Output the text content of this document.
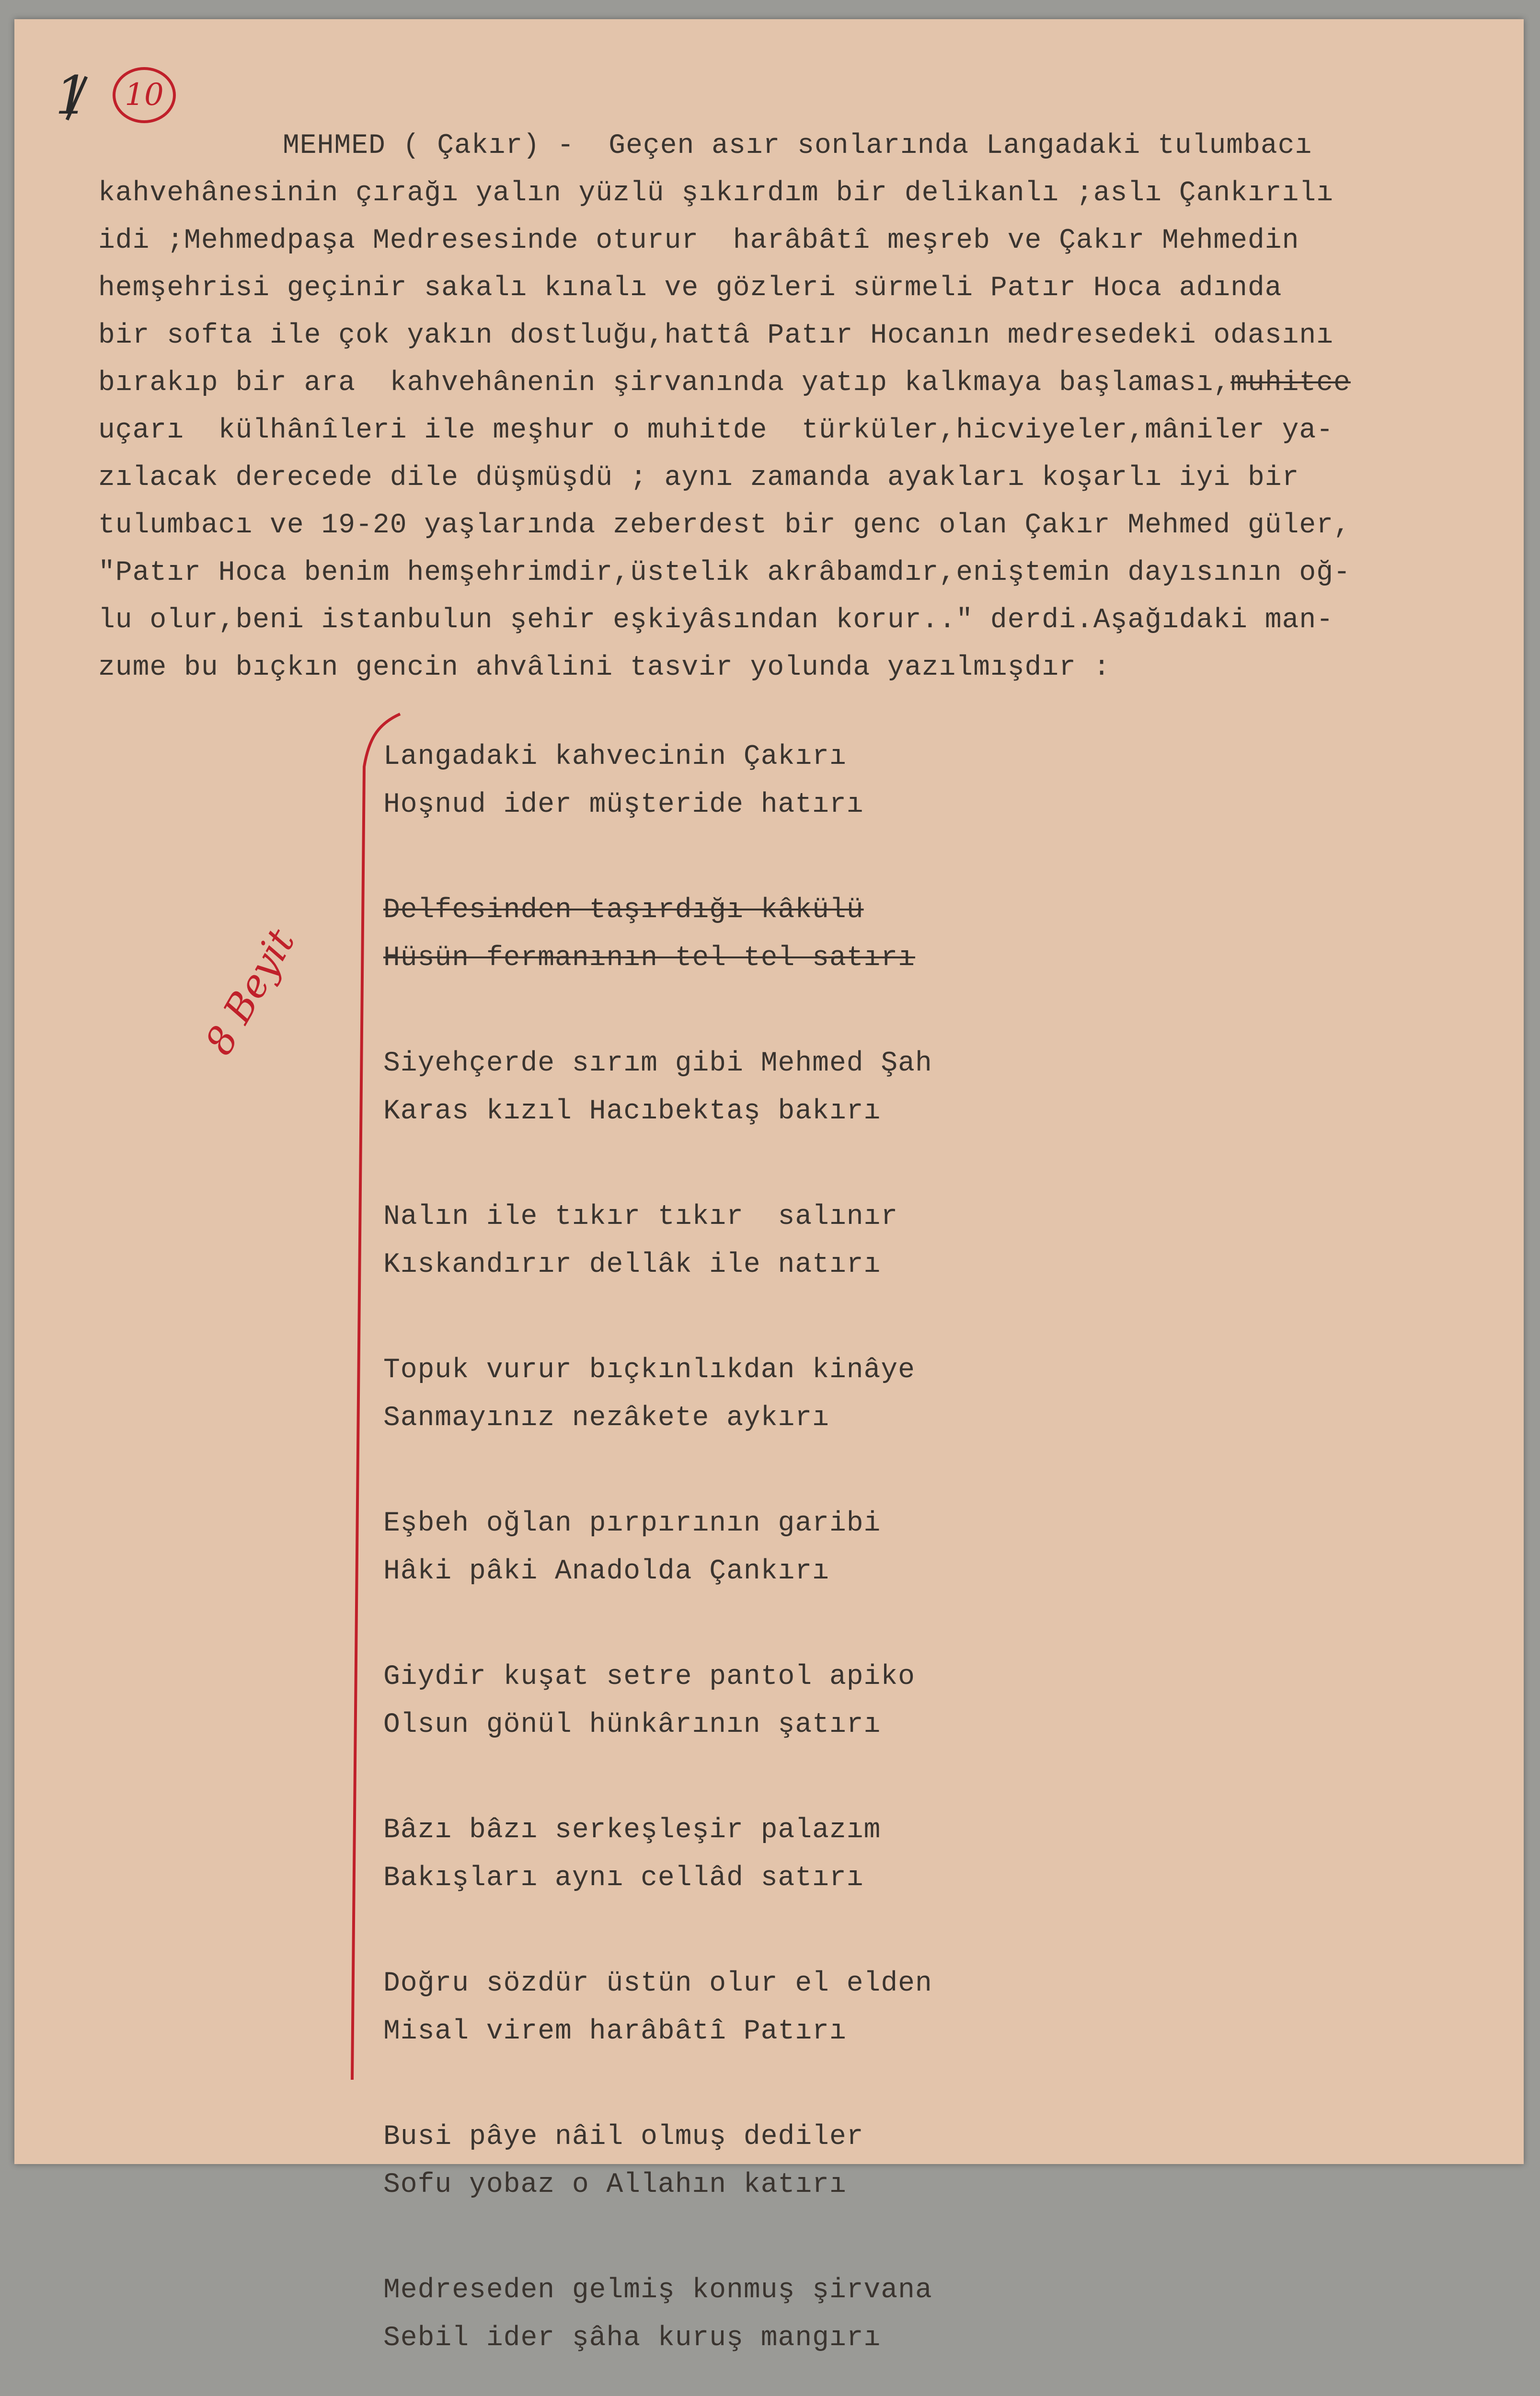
1	10
MEHMED ( Çakır) -  Geçen asır sonlarında Langadaki tulumbacı
kahvehânesinin çırağı yalın yüzlü şıkırdım bir delikanlı ;aslı Çankırılı
idi ;Mehmedpaşa Medresesinde oturur  harâbâtî meşreb ve Çakır Mehmedin
hemşehrisi geçinir sakalı kınalı ve gözleri sürmeli Patır Hoca adında
bir softa ile çok yakın dostluğu,hattâ Patır Hocanın medresedeki odasını
bırakıp bir ara  kahvehânenin şirvanında yatıp kalkmaya başlaması,muhitce
uçarı  külhânîleri ile meşhur o muhitde  türküler,hicviyeler,mâniler ya-
zılacak derecede dile düşmüşdü ; aynı zamanda ayakları koşarlı iyi bir
tulumbacı ve 19-20 yaşlarında zeberdest bir genc olan Çakır Mehmed güler,
"Patır Hoca benim hemşehrimdir,üstelik akrâbamdır,eniştemin dayısının oğ-
lu olur,beni istanbulun şehir eşkiyâsından korur.." derdi.Aşağıdaki man-
zume bu bıçkın gencin ahvâlini tasvir yolunda yazılmışdır :
8 Beyit
Langadaki kahvecinin Çakırı
Hoşnud ider müşteride hatırı
Delfesinden taşırdığı kâkülü
Hüsün fermanının tel tel satırı
Siyehçerde sırım gibi Mehmed Şah
Karas kızıl Hacıbektaş bakırı
Nalın ile tıkır tıkır  salınır
Kıskandırır dellâk ile natırı
Topuk vurur bıçkınlıkdan kinâye
Sanmayınız nezâkete aykırı
Eşbeh oğlan pırpırının garibi
Hâki pâki Anadolda Çankırı
Giydir kuşat setre pantol apiko
Olsun gönül hünkârının şatırı
Bâzı bâzı serkeşleşir palazım
Bakışları aynı cellâd satırı
Doğru sözdür üstün olur el elden
Misal virem harâbâtî Patırı
Busi pâye nâil olmuş dediler
Sofu yobaz o Allahın katırı
Medreseden gelmiş konmuş şirvana
Sebil ider şâha kuruş mangırı
